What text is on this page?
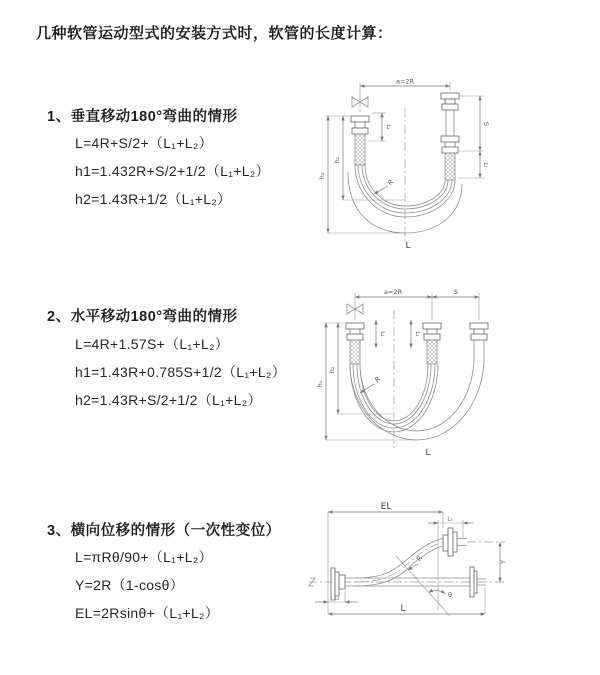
几种软管运动型式的安装方式时，软管的长度计算：
1、垂直移动180°弯曲的情形
L=4R+S/2+（L₁+L₂）
h1=1.432R+S/2+1/2（L₁+L₂）
h2=1.43R+1/2（L₁+L₂）
a=2R
S
L₁
L₁
h₂
h₁
R
L
2、水平移动180°弯曲的情形
L=4R+1.57S+（L₁+L₂）
h1=1.43R+0.785S+1/2（L₁+L₂）
h2=1.43R+S/2+1/2（L₁+L₂）
a=2R	S
L₁	L₁
h₂
h₁
R
L
3、横向位移的情形（一次性变位）
L=πRθ/90+（L₁+L₂）
Y=2R（1-cosθ）
EL=2Rsinθ+（L₁+L₂）
EL
L₁
Y
L₁
L
θ
R
